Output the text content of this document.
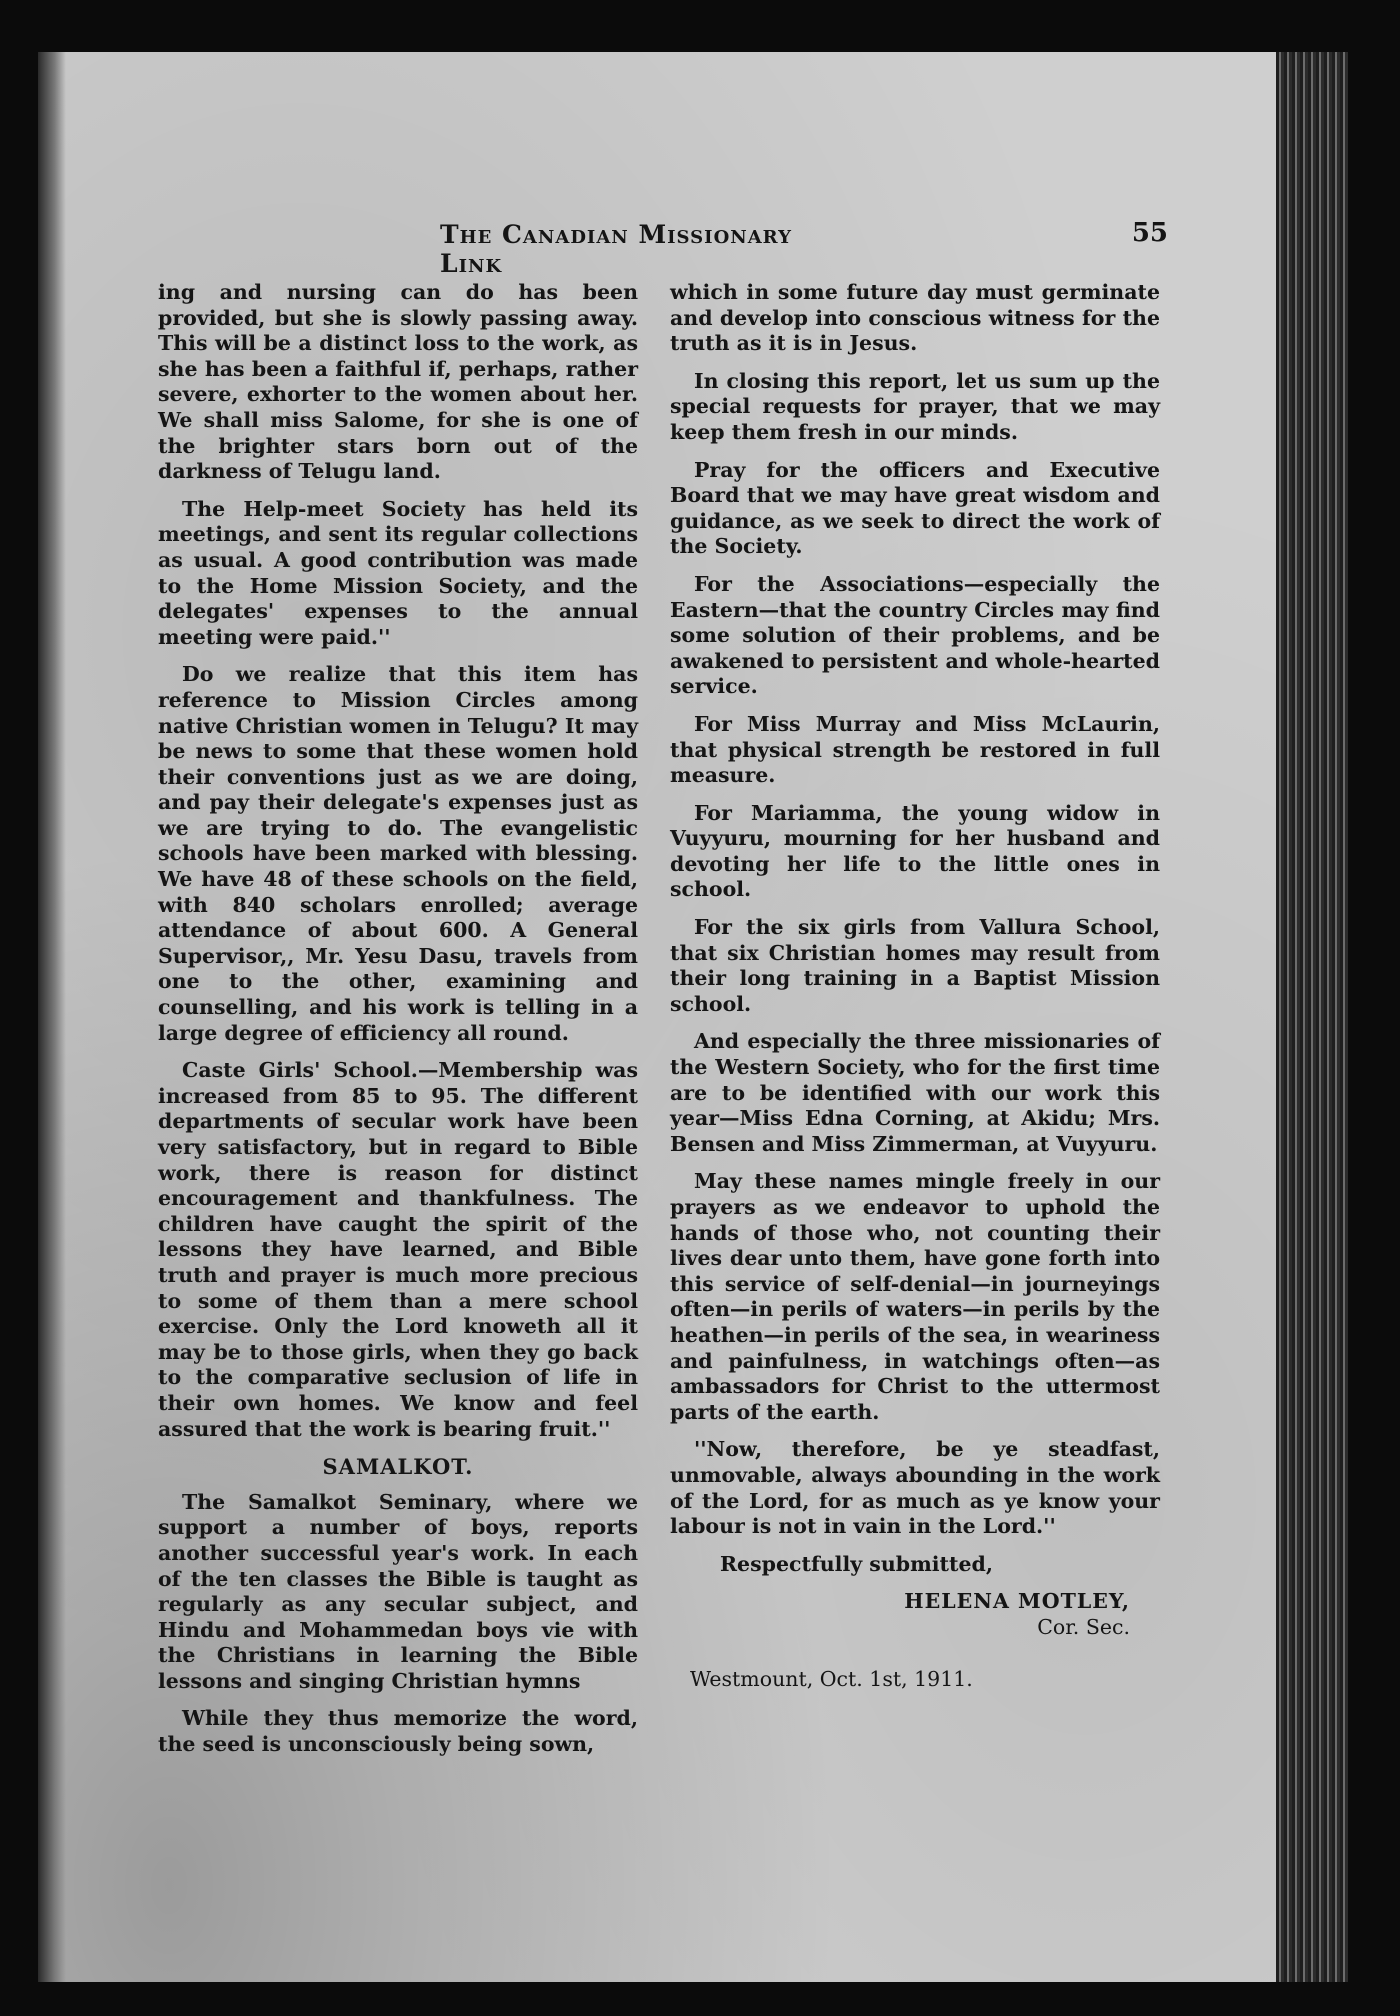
The Canadian Missionary Link
55

ing and nursing can do has been provided, but she is slowly passing away. This will be a distinct loss to the work, as she has been a faithful if, perhaps, rather severe, exhorter to the women about her. We shall miss Salome, for she is one of the brighter stars born out of the darkness of Telugu land.

The Help-meet Society has held its meetings, and sent its regular collections as usual. A good contribution was made to the Home Mission Society, and the delegates' expenses to the annual meeting were paid.''

Do we realize that this item has reference to Mission Circles among native Christian women in Telugu? It may be news to some that these women hold their conventions just as we are doing, and pay their delegate's expenses just as we are trying to do. The evangelistic schools have been marked with blessing. We have 48 of these schools on the field, with 840 scholars enrolled; average attendance of about 600. A General Supervisor,, Mr. Yesu Dasu, travels from one to the other, examining and counselling, and his work is telling in a large degree of efficiency all round.

Caste Girls' School.—Membership was increased from 85 to 95. The different departments of secular work have been very satisfactory, but in regard to Bible work, there is reason for distinct encouragement and thankfulness. The children have caught the spirit of the lessons they have learned, and Bible truth and prayer is much more precious to some of them than a mere school exercise. Only the Lord knoweth all it may be to those girls, when they go back to the comparative seclusion of life in their own homes. We know and feel assured that the work is bearing fruit.''

SAMALKOT.

The Samalkot Seminary, where we support a number of boys, reports another successful year's work. In each of the ten classes the Bible is taught as regularly as any secular subject, and Hindu and Mohammedan boys vie with the Christians in learning the Bible lessons and singing Christian hymns

While they thus memorize the word, the seed is unconsciously being sown,

which in some future day must germinate and develop into conscious witness for the truth as it is in Jesus.

In closing this report, let us sum up the special requests for prayer, that we may keep them fresh in our minds.

Pray for the officers and Executive Board that we may have great wisdom and guidance, as we seek to direct the work of the Society.

For the Associations—especially the Eastern—that the country Circles may find some solution of their problems, and be awakened to persistent and whole-hearted service.

For Miss Murray and Miss McLaurin, that physical strength be restored in full measure.

For Mariamma, the young widow in Vuyyuru, mourning for her husband and devoting her life to the little ones in school.

For the six girls from Vallura School, that six Christian homes may result from their long training in a Baptist Mission school.

And especially the three missionaries of the Western Society, who for the first time are to be identified with our work this year—Miss Edna Corning, at Akidu; Mrs. Bensen and Miss Zimmerman, at Vuyyuru.

May these names mingle freely in our prayers as we endeavor to uphold the hands of those who, not counting their lives dear unto them, have gone forth into this service of self-denial—in journeyings often—in perils of waters—in perils by the heathen—in perils of the sea, in weariness and painfulness, in watchings often—as ambassadors for Christ to the uttermost parts of the earth.

''Now, therefore, be ye steadfast, unmovable, always abounding in the work of the Lord, for as much as ye know your labour is not in vain in the Lord.''

Respectfully submitted,

HELENA MOTLEY,

Cor. Sec.

Westmount, Oct. 1st, 1911.
